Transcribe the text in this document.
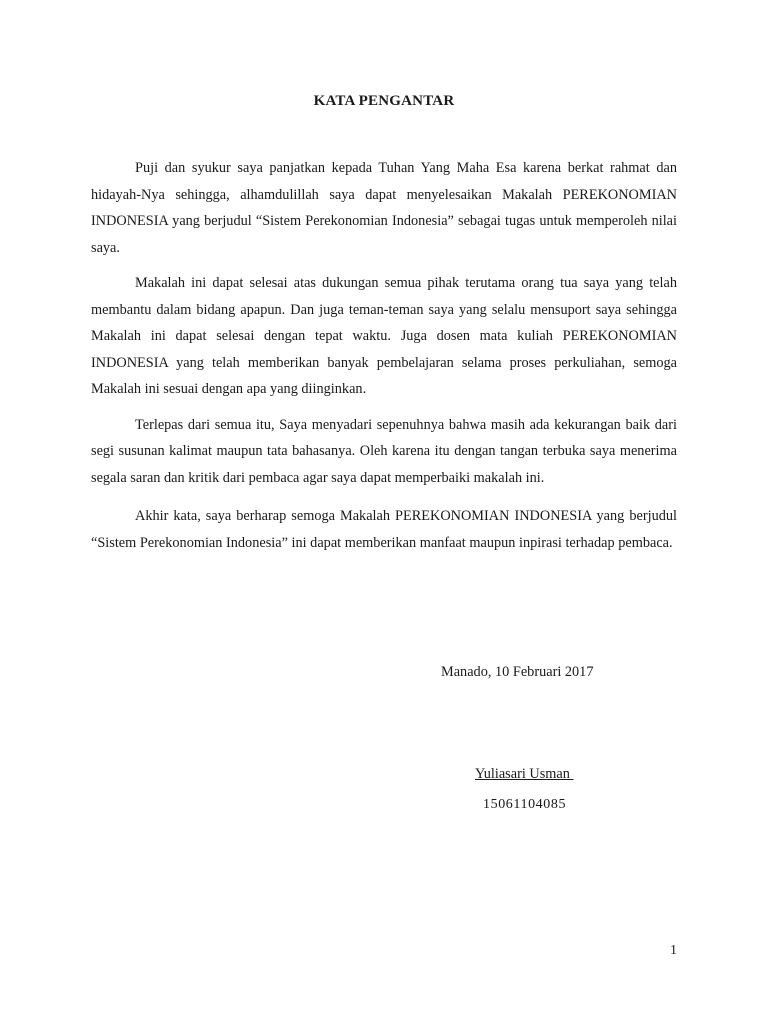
KATA PENGANTAR

Puji dan syukur saya panjatkan kepada Tuhan Yang Maha Esa karena berkat rahmat dan hidayah-Nya sehingga, alhamdulillah saya dapat menyelesaikan Makalah PEREKONOMIAN INDONESIA yang berjudul “Sistem Perekonomian Indonesia” sebagai tugas untuk memperoleh nilai saya.

Makalah ini dapat selesai atas dukungan semua pihak terutama orang tua saya yang telah membantu dalam bidang apapun. Dan juga teman-teman saya yang selalu mensuport saya sehingga Makalah ini dapat selesai dengan tepat waktu. Juga dosen mata kuliah PEREKONOMIAN INDONESIA yang telah memberikan banyak pembelajaran selama proses perkuliahan, semoga Makalah ini sesuai dengan apa yang diinginkan.

Terlepas dari semua itu, Saya menyadari sepenuhnya bahwa masih ada kekurangan baik dari segi susunan kalimat maupun tata bahasanya. Oleh karena itu dengan tangan terbuka saya menerima segala saran dan kritik dari pembaca agar saya dapat memperbaiki makalah ini.

Akhir kata, saya berharap semoga Makalah PEREKONOMIAN INDONESIA yang berjudul “Sistem Perekonomian Indonesia” ini dapat memberikan manfaat maupun inpirasi terhadap pembaca.

Manado, 10 Februari 2017
Yuliasari Usman
15061104085
1
